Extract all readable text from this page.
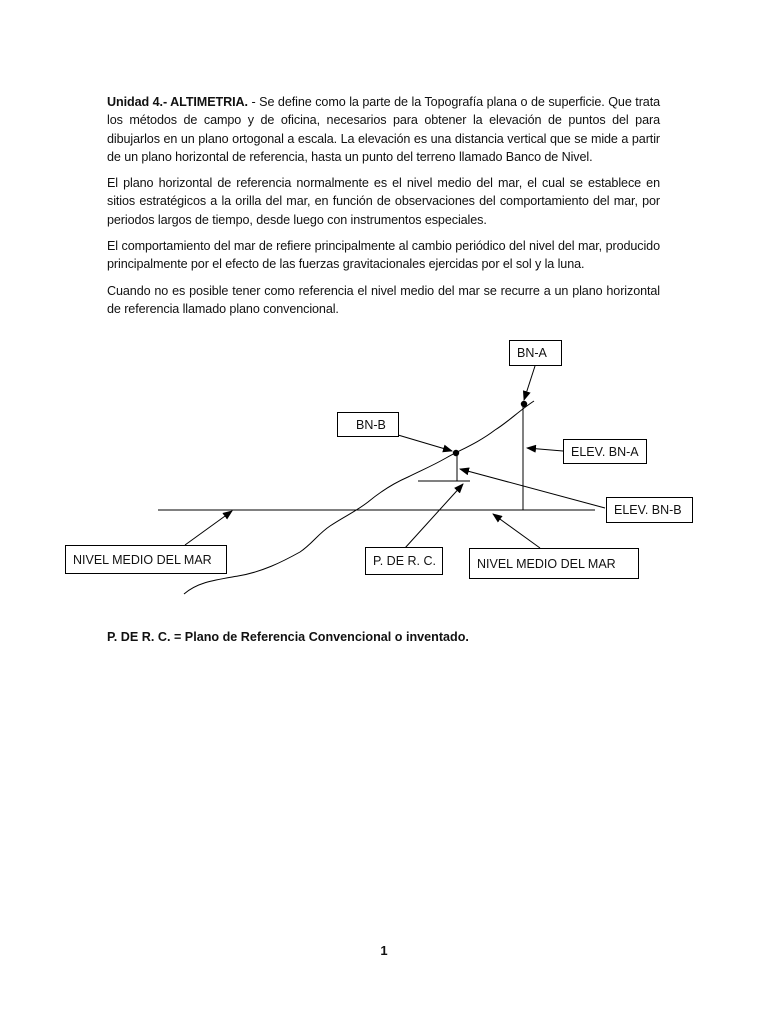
Unidad 4.- ALTIMETRIA. - Se define como la parte de la Topografía plana o de superficie. Que trata los métodos de campo y de oficina, necesarios para obtener la elevación de puntos del para dibujarlos en un plano ortogonal a escala. La elevación es una distancia vertical que se mide a partir de un plano horizontal de referencia, hasta un punto del terreno llamado Banco de Nivel.

El plano horizontal de referencia normalmente es el nivel medio del mar, el cual se establece en sitios estratégicos a la orilla del mar, en función de observaciones del comportamiento del mar, por periodos largos de tiempo, desde luego con instrumentos especiales.

El comportamiento del mar de refiere principalmente al cambio periódico del nivel del mar, producido principalmente por el efecto de las fuerzas gravitacionales ejercidas por el sol y la luna.

Cuando no es posible tener como referencia el nivel medio del mar se recurre a un plano horizontal de referencia llamado plano convencional.

BN-A
BN-B
ELEV. BN-A
ELEV. BN-B
NIVEL MEDIO DEL MAR	P. DE R. C.	NIVEL MEDIO DEL MAR
P. DE R. C. = Plano de Referencia Convencional o inventado.
1
